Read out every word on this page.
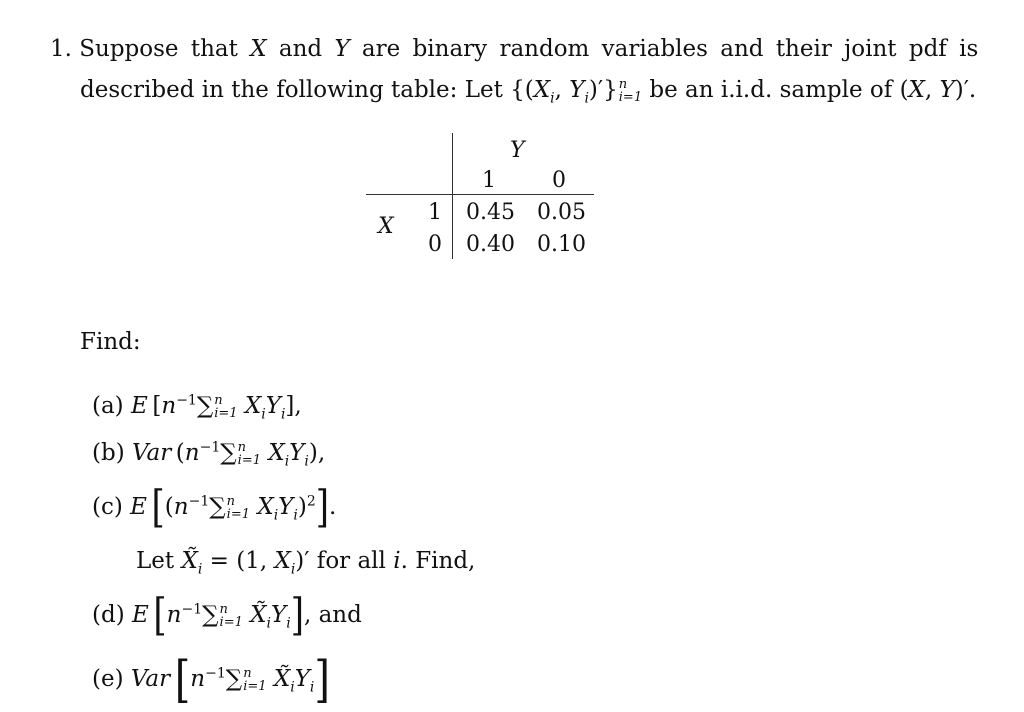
1. Suppose that X and Y are binary random variables and their joint pdf is
described in the following table: Let {($X_i$, $Y_i)'$} n
i=1 be an i.i.d. sample of (X, Y)′.
Y
1	0
X
1
0
0.45 0.05
0.40 0.10
Find:
(a) E [$n^{-1}\sum$ n
i=1 $X_iY_i$],
(b) Var ($n^{-1}\sum$ n
i=1 $X_iY_i$),
(c) E  [($n^{-1}\sum$ n
i=1 $X_iY_i)^2$].
Let $X̃_i = (1$, $X_i)'$ for all i. Find,
(d) E  [$n^{-1}\sum$ n
i=1 $X̃_iY_i$], and
(e) Var  [$n^{-1}\sum$ n
i=1 $X̃_iY_i$]
